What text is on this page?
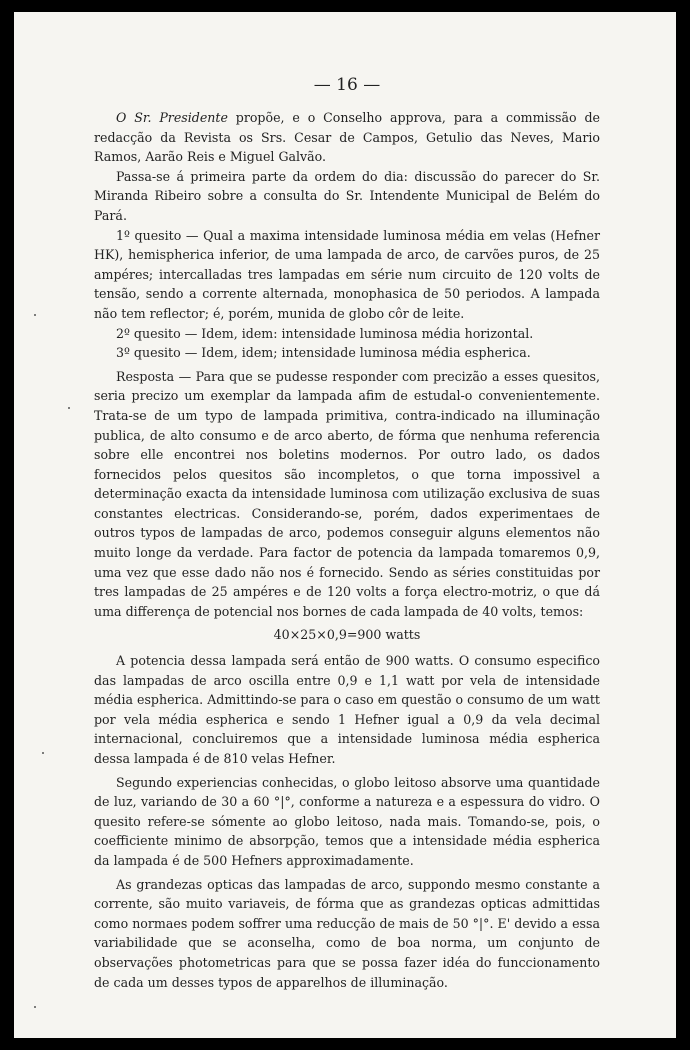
— 16 —

O Sr. Presidente propõe, e o Conselho approva, para a commissão de redacção da Revista os Srs. Cesar de Campos, Getulio das Neves, Mario Ramos, Aarão Reis e Miguel Galvão.

Passa-se á primeira parte da ordem do dia: discussão do parecer do Sr. Miranda Ribeiro sobre a consulta do Sr. Intendente Municipal de Belém do Pará.

1º quesito — Qual a maxima intensidade luminosa média em velas (Hefner HK), hemispherica inferior, de uma lampada de arco, de carvões puros, de 25 ampéres; intercalladas tres lampadas em série num circuito de 120 volts de tensão, sendo a corrente alternada, monophasica de 50 periodos. A lampada não tem reflector; é, porém, munida de globo côr de leite.

2º quesito — Idem, idem: intensidade luminosa média horizontal.

3º quesito — Idem, idem; intensidade luminosa média espherica.

Resposta — Para que se pudesse responder com precizão a esses quesitos, seria precizo um exemplar da lampada afim de estudal-o convenientemente. Trata-se de um typo de lampada primitiva, contra-indicado na illuminação publica, de alto consumo e de arco aberto, de fórma que nenhuma referencia sobre elle encontrei nos boletins modernos. Por outro lado, os dados fornecidos pelos quesitos são incompletos, o que torna impossivel a determinação exacta da intensidade luminosa com utilização exclusiva de suas constantes electricas. Considerando-se, porém, dados experimentaes de outros typos de lampadas de arco, podemos conseguir alguns elementos não muito longe da verdade. Para factor de potencia da lampada tomaremos 0,9, uma vez que esse dado não nos é fornecido. Sendo as séries constituidas por tres lampadas de 25 ampéres e de 120 volts a força electro-motriz, o que dá uma differença de potencial nos bornes de cada lampada de 40 volts, temos:

40×25×0,9=900 watts

A potencia dessa lampada será então de 900 watts. O consumo especifico das lampadas de arco oscilla entre 0,9 e 1,1 watt por vela de intensidade média espherica. Admittindo-se para o caso em questão o consumo de um watt por vela média espherica e sendo 1 Hefner igual a 0,9 da vela decimal internacional, concluiremos que a intensidade luminosa média espherica dessa lampada é de 810 velas Hefner.

Segundo experiencias conhecidas, o globo leitoso absorve uma quantidade de luz, variando de 30 a 60 °|°, conforme a natureza e a espessura do vidro. O quesito refere-se sómente ao globo leitoso, nada mais. Tomando-se, pois, o coefficiente minimo de absorpção, temos que a intensidade média espherica da lampada é de 500 Hefners approximadamente.

As grandezas opticas das lampadas de arco, suppondo mesmo constante a corrente, são muito variaveis, de fórma que as grandezas opticas admittidas como normaes podem soffrer uma reducção de mais de 50 °|°. E' devido a essa variabilidade que se aconselha, como de boa norma, um conjunto de observações photometricas para que se possa fazer idéa do funccionamento de cada um desses typos de apparelhos de illuminação.
